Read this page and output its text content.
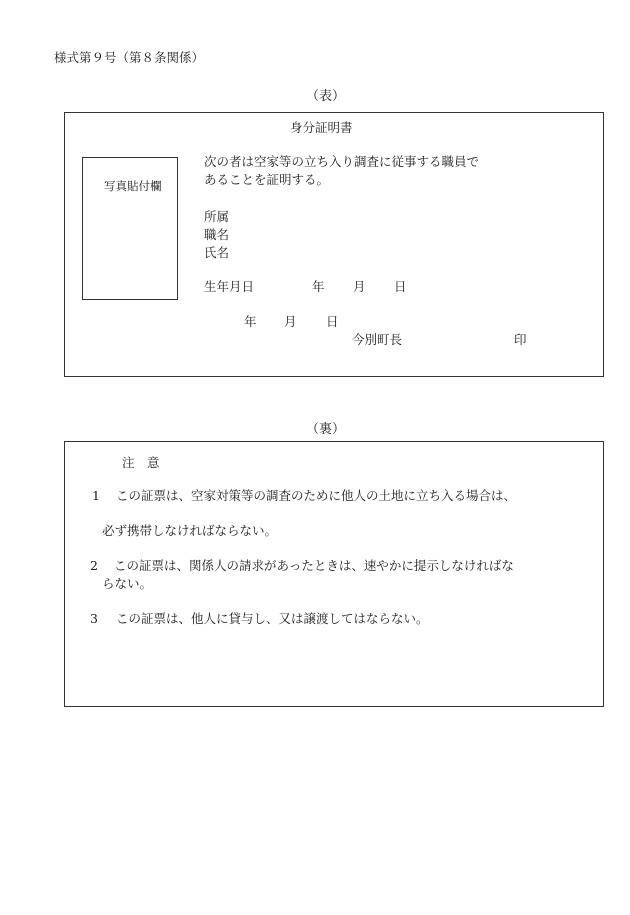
様式第９号（第８条関係）
（表）
身分証明書
写真貼付欄
次の者は空家等の立ち入り調査に従事する職員で
あることを証明する。
所属
職名
氏名
生年月日	年 月 日
年 月 日
今別町長	印
（裏）
注　意
1 この証票は、空家対策等の調査のために他人の土地に立ち入る場合は、
必ず携帯しなければならない。
2 この証票は、関係人の請求があったときは、速やかに提示しなければな
らない。
3 この証票は、他人に貸与し、又は譲渡してはならない。
